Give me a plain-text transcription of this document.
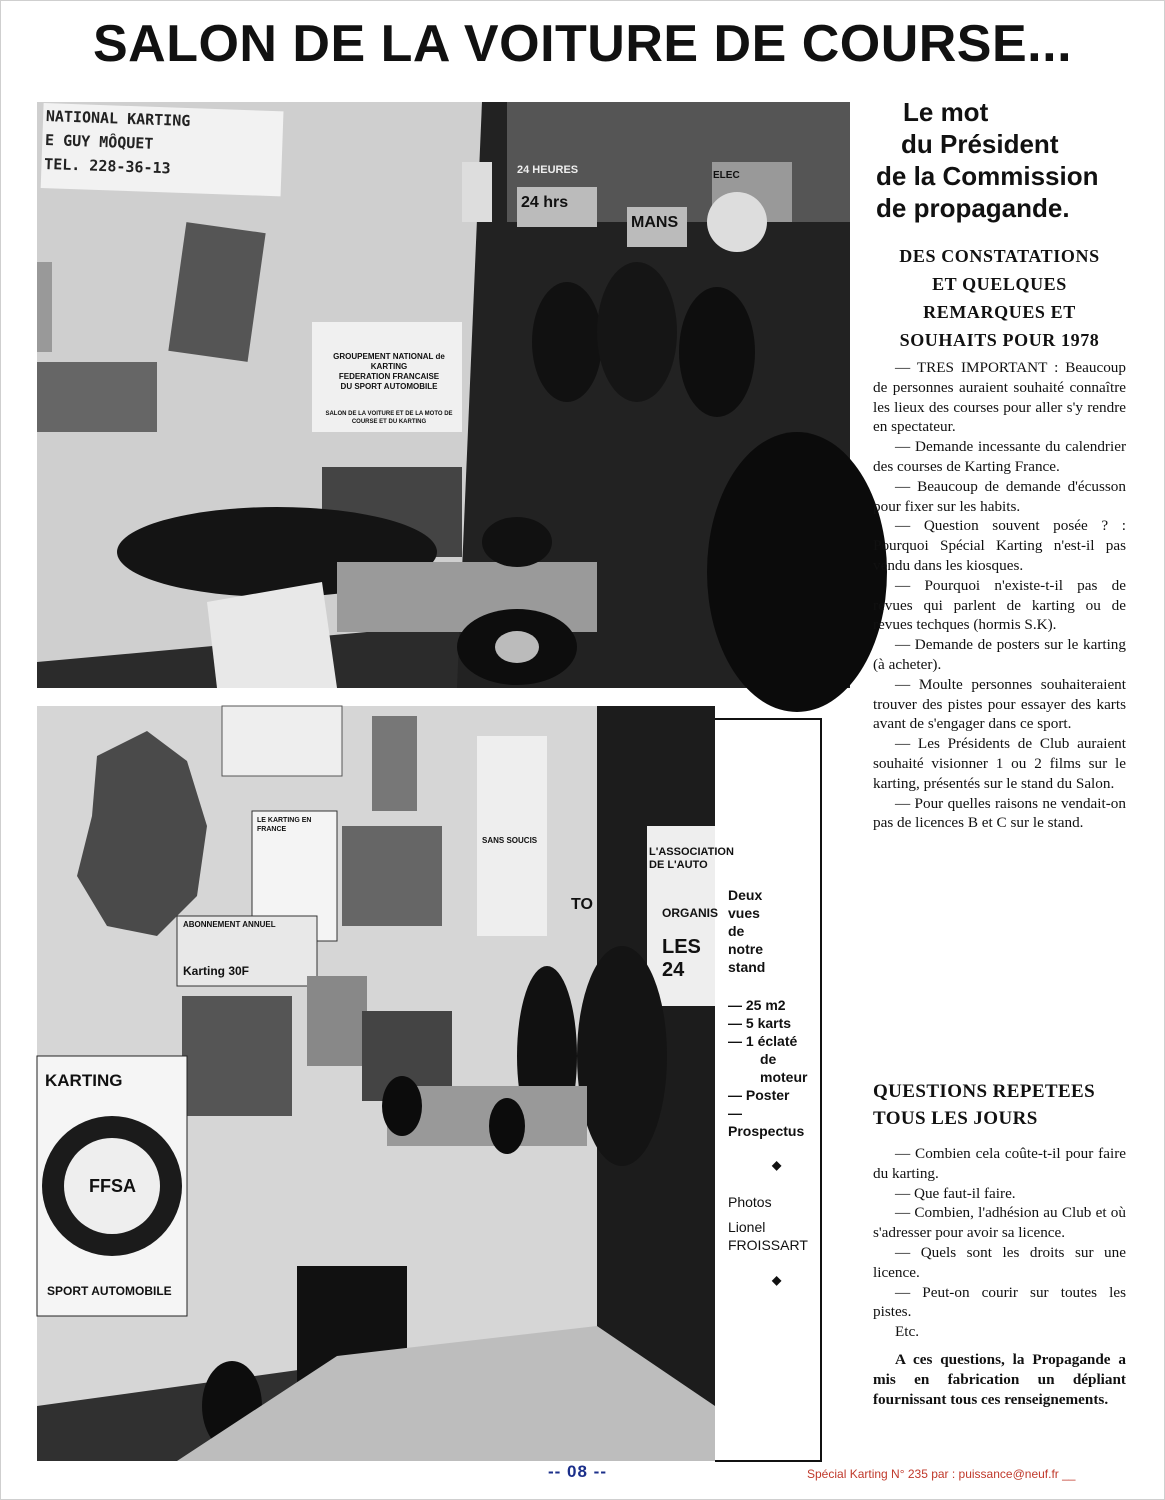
SALON DE LA VOITURE DE COURSE...
NATIONAL KARTING
E GUY MÔQUET
TEL. 228-36-13
GROUPEMENT NATIONAL de KARTING
FEDERATION FRANCAISE
DU SPORT AUTOMOBILE
SALON DE LA VOITURE ET DE LA MOTO DE COURSE ET DU KARTING
24 HEURES
24 hrs
MANS
ELEC
KARTING
FFSA
SPORT AUTOMOBILE
ABONNEMENT ANNUEL
Karting 30F
LE KARTING EN FRANCE
LES 24
L'ASSOCIATION DE L'AUTO
ORGANIS
TO
SANS SOUCIS
Deux
vues
de
notre
stand
— 25 m2
— 5 karts
— 1 éclaté
de
moteur
— Poster
— Prospectus
◆
Photos
Lionel
FROISSART
◆
Le mot
du Président
de la Commission
de propagande.
DES CONSTATATIONS
ET QUELQUES
REMARQUES ET
SOUHAITS POUR 1978

— TRES IMPORTANT : Beaucoup de personnes auraient souhaité connaître les lieux des courses pour aller s'y rendre en spectateur.

— Demande incessante du calendrier des courses de Karting France.

— Beaucoup de demande d'écusson pour fixer sur les habits.

— Question souvent posée ? : Pourquoi Spécial Karting n'est-il pas vendu dans les kiosques.

— Pourquoi n'existe-t-il pas de revues qui parlent de karting ou de revues techques (hormis S.K).

— Demande de posters sur le karting (à acheter).

— Moulte personnes souhaiteraient trouver des pistes pour essayer des karts avant de s'engager dans ce sport.

— Les Présidents de Club auraient souhaité visionner 1 ou 2 films sur le karting, présentés sur le stand du Salon.

— Pour quelles raisons ne vendait-on pas de licences B et C sur le stand.

QUESTIONS REPETEES
TOUS LES JOURS

— Combien cela coûte-t-il pour faire du karting.

— Que faut-il faire.

— Combien, l'adhésion au Club et où s'adresser pour avoir sa licence.

— Quels sont les droits sur une licence.

— Peut-on courir sur toutes les pistes.

Etc.

A ces questions, la Propagande a mis en fabrication un dépliant fournissant tous ces renseignements.

-- 08 --	Spécial Karting N° 235 par : puissance@neuf.fr __
